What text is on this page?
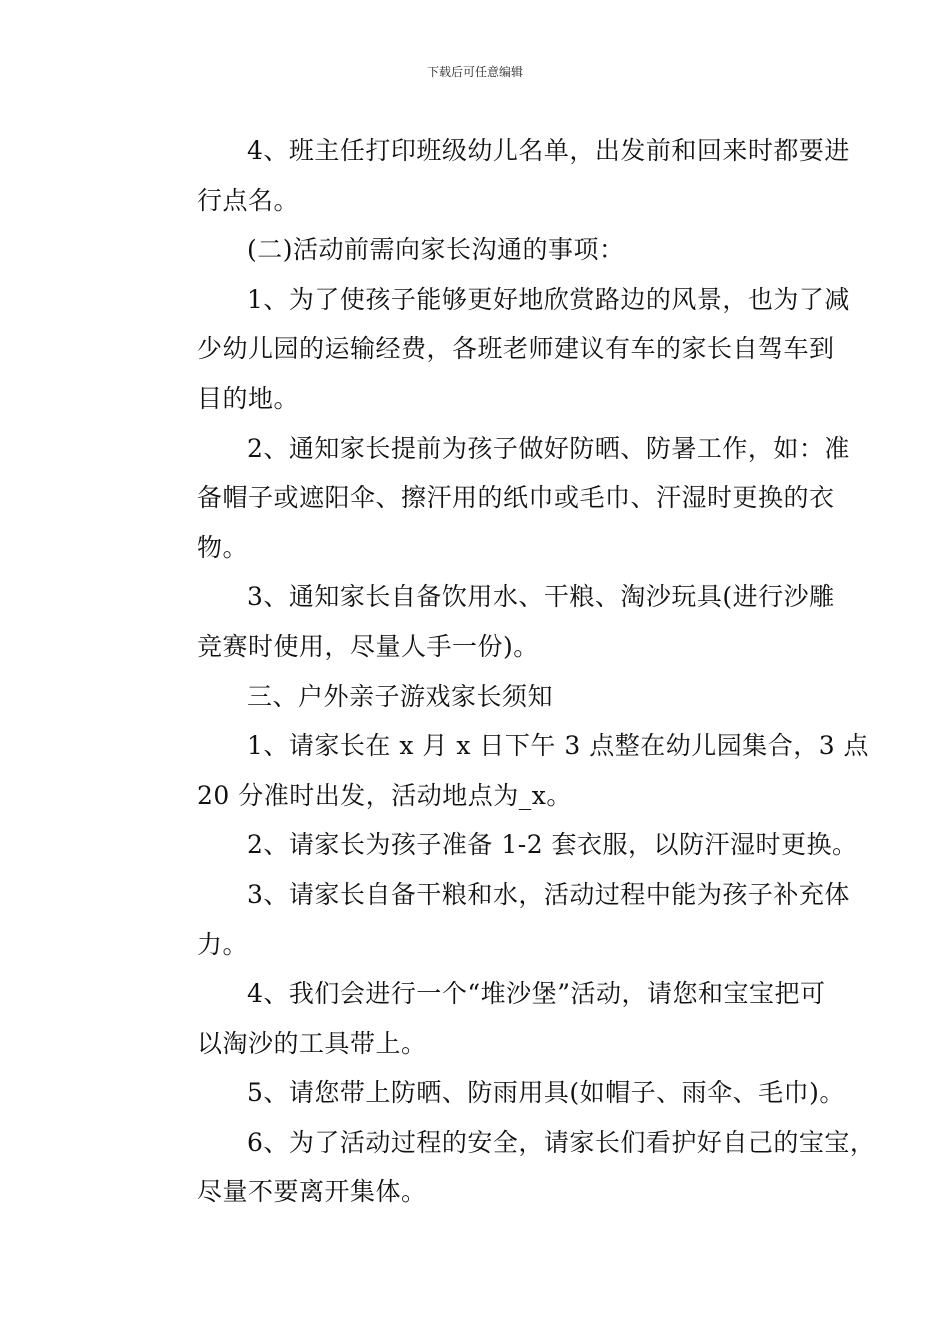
下载后可任意编辑
4、班主任打印班级幼儿名单，出发前和回来时都要进
行点名。
(二)活动前需向家长沟通的事项：
1、为了使孩子能够更好地欣赏路边的风景，也为了减
少幼儿园的运输经费，各班老师建议有车的家长自驾车到
目的地。
2、通知家长提前为孩子做好防晒、防暑工作，如：准
备帽子或遮阳伞、擦汗用的纸巾或毛巾、汗湿时更换的衣
物。
3、通知家长自备饮用水、干粮、淘沙玩具(进行沙雕
竞赛时使用，尽量人手一份)。
三、户外亲子游戏家长须知
1、请家长在 x 月 x 日下午 3 点整在幼儿园集合，3 点
20 分准时出发，活动地点为_x。
2、请家长为孩子准备 1-2 套衣服，以防汗湿时更换。
3、请家长自备干粮和水，活动过程中能为孩子补充体
力。
4、我们会进行一个“堆沙堡”活动，请您和宝宝把可
以淘沙的工具带上。
5、请您带上防晒、防雨用具(如帽子、雨伞、毛巾)。
6、为了活动过程的安全，请家长们看护好自己的宝宝，
尽量不要离开集体。
